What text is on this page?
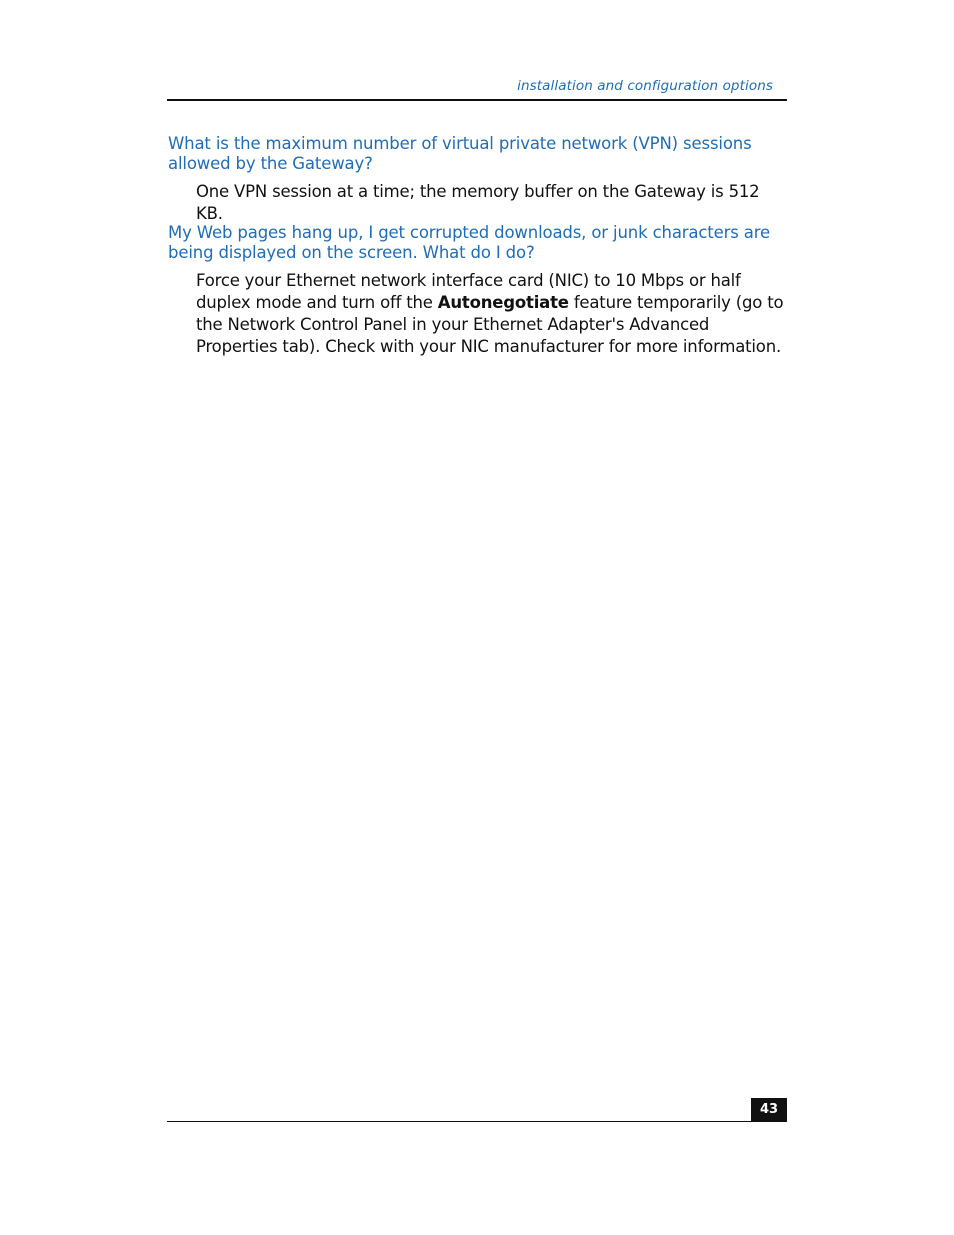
installation and configuration options
What is the maximum number of virtual private network (VPN) sessions allowed by the Gateway?
One VPN session at a time; the memory buffer on the Gateway is 512 KB.
My Web pages hang up, I get corrupted downloads, or junk characters are being displayed on the screen. What do I do?
Force your Ethernet network interface card (NIC) to 10 Mbps or half duplex mode and turn off the Autonegotiate feature temporarily (go to the Network Control Panel in your Ethernet Adapter's Advanced Properties tab). Check with your NIC manufacturer for more information.
43
